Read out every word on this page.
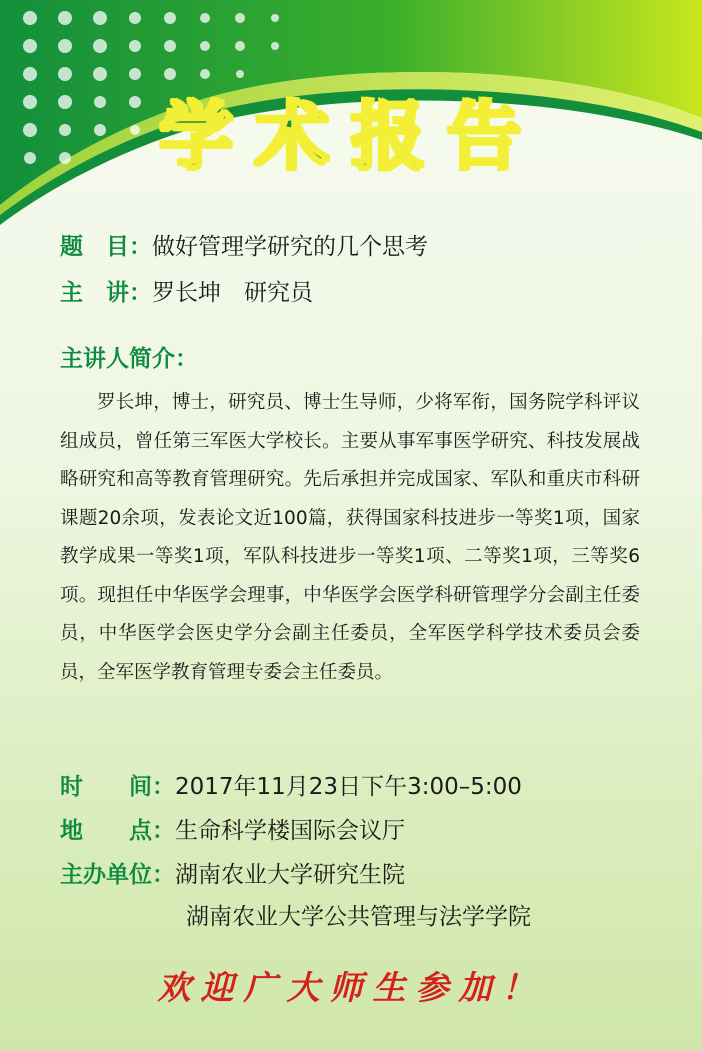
学术报告
题　目：做好管理学研究的几个思考
主　讲：罗长坤　研究员
主讲人简介：
罗长坤，博士，研究员、博士生导师，少将军衔，国务院学科评议组成员，曾任第三军医大学校长。主要从事军事医学研究、科技发展战略研究和高等教育管理研究。先后承担并完成国家、军队和重庆市科研课题20余项，发表论文近100篇，获得国家科技进步一等奖1项，国家教学成果一等奖1项，军队科技进步一等奖1项、二等奖1项，三等奖6项。现担任中华医学会理事，中华医学会医学科研管理学分会副主任委员，中华医学会医史学分会副主任委员，全军医学科学技术委员会委员，全军医学教育管理专委会主任委员。
时　　间：2017年11月23日下午3:00–5:00
地　　点：生命科学楼国际会议厅
主办单位：湖南农业大学研究生院
湖南农业大学公共管理与法学学院
欢迎广大师生参加！
